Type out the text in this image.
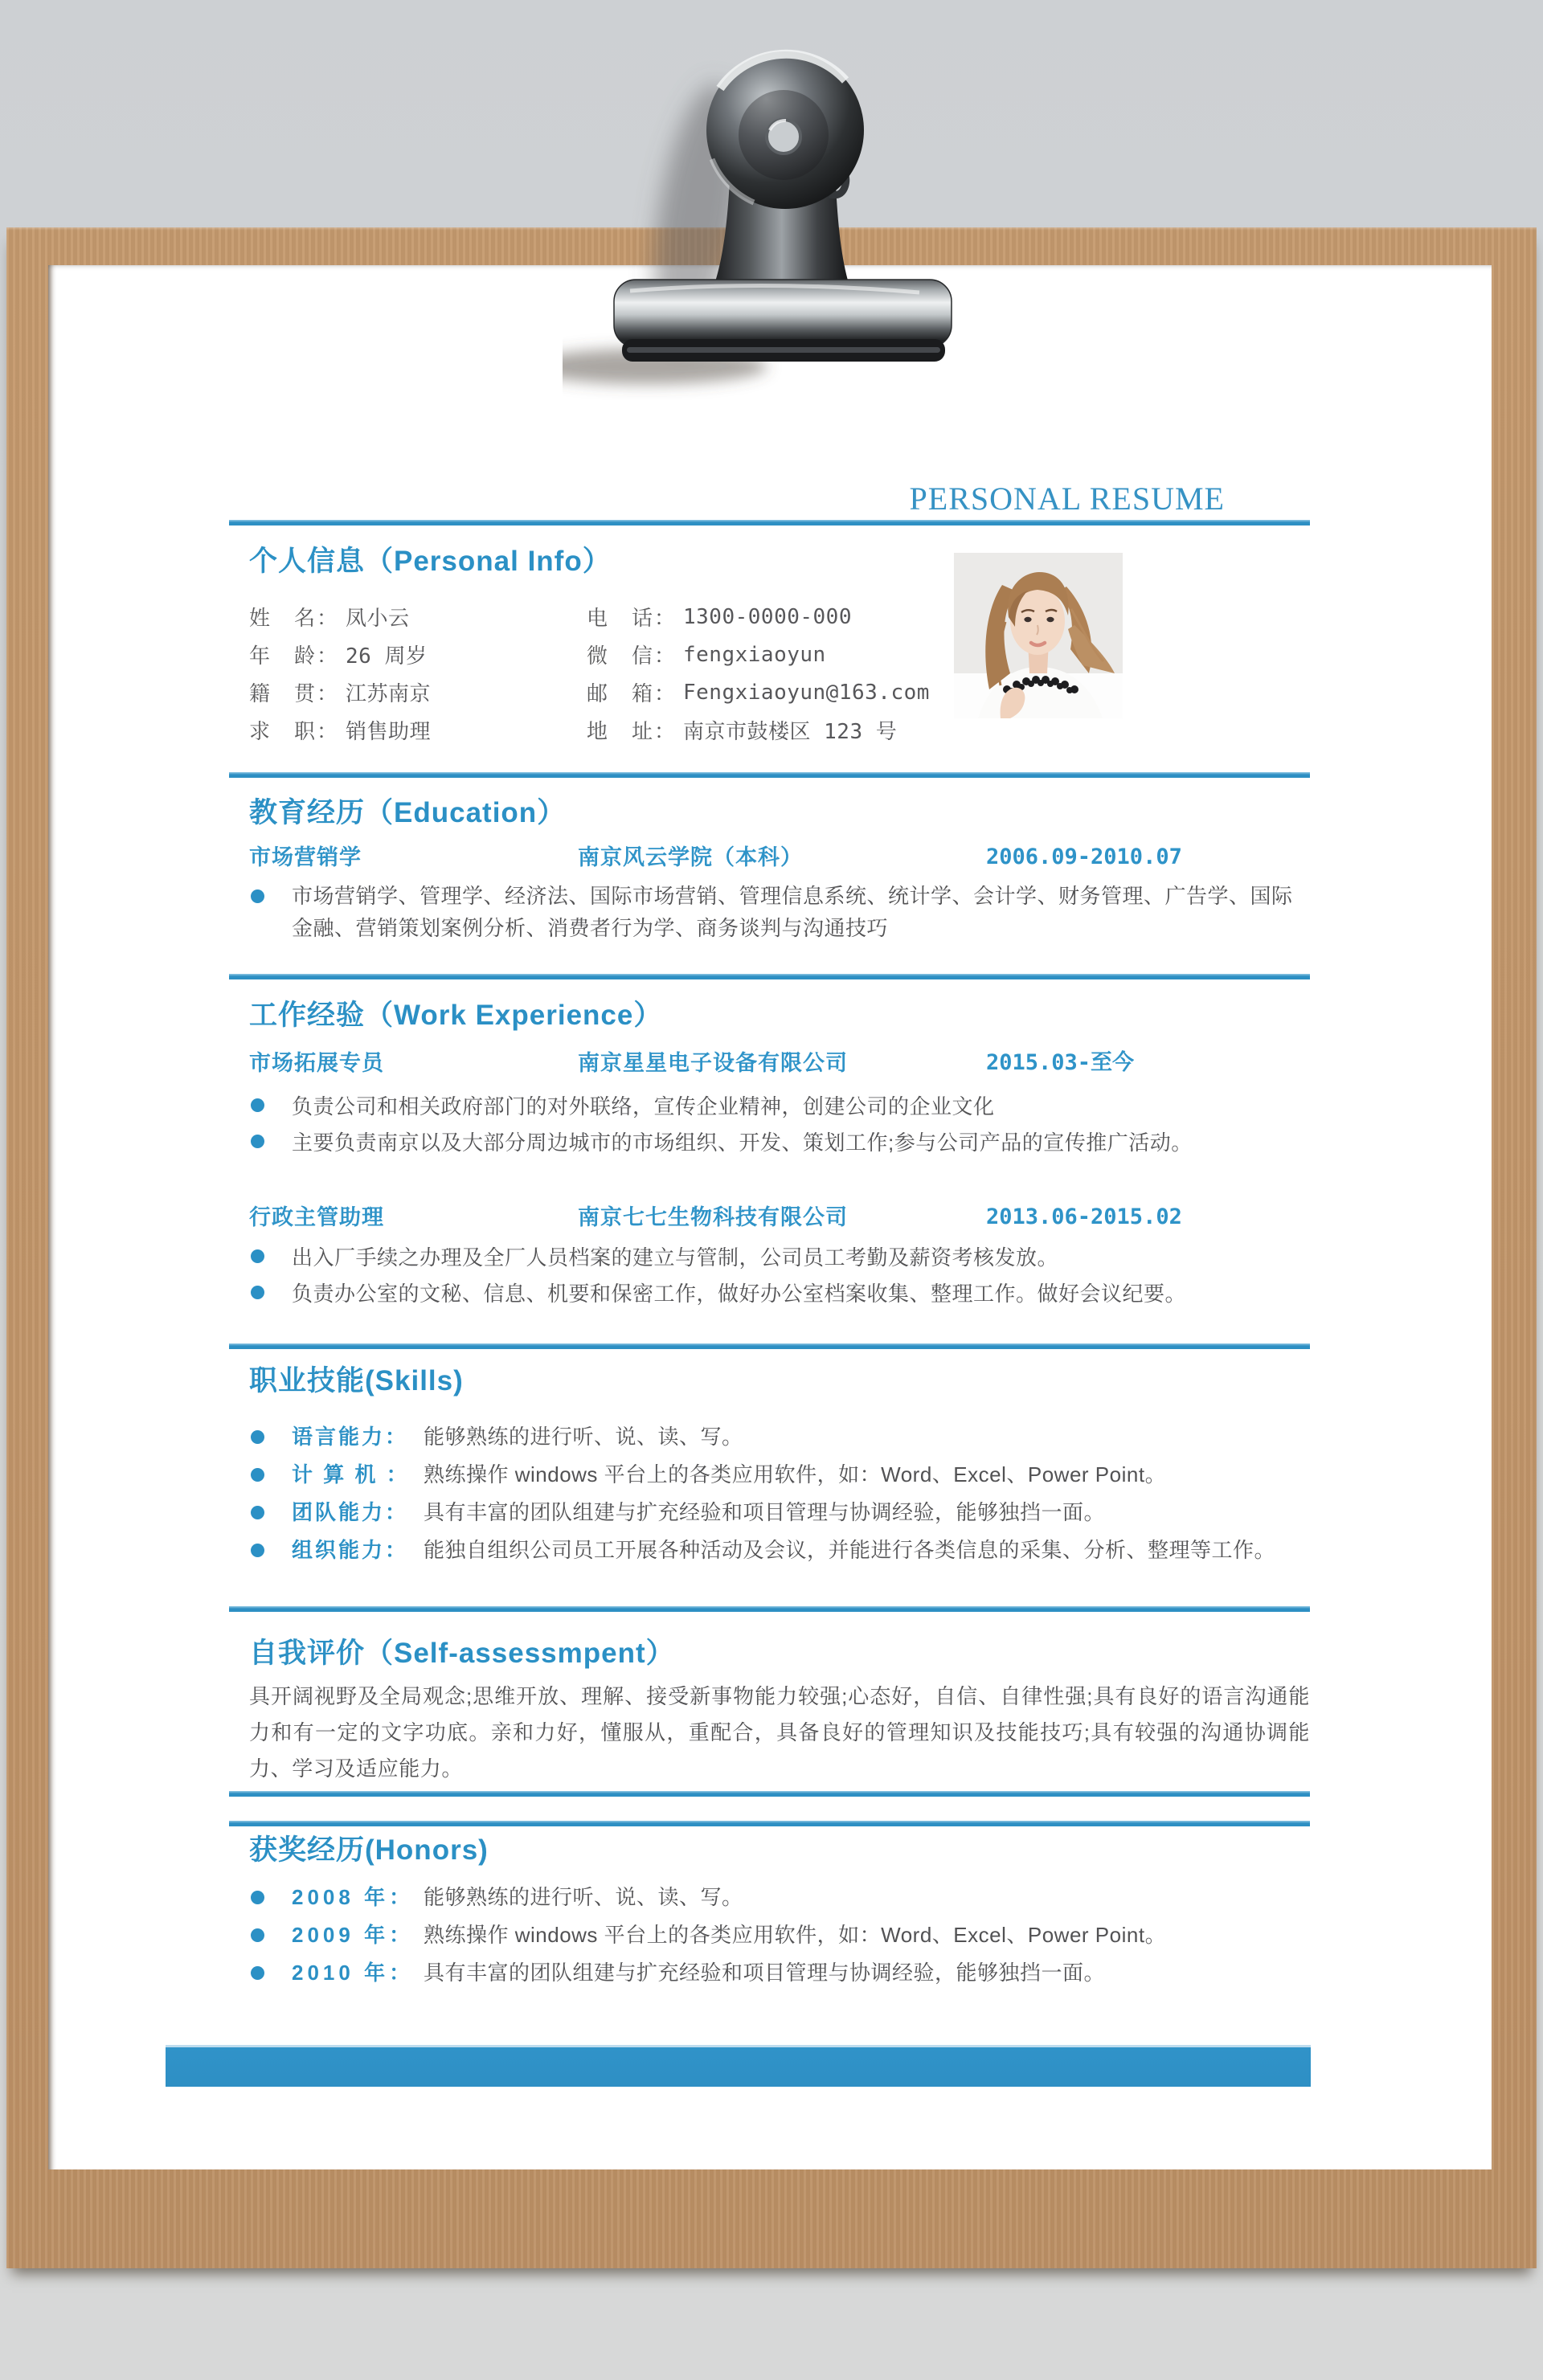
PERSONAL RESUME
个人信息（Personal Info）
姓　名： 凤小云	电　话： 1300-0000-000
年　龄： 26 周岁	微　信： fengxiaoyun
籍　贯： 江苏南京	邮　箱： Fengxiaoyun@163.com
求　职： 销售助理	地　址： 南京市鼓楼区 123 号
教育经历（Education）
市场营销学	南京风云学院（本科）	2006.09-2010.07
市场营销学、管理学、经济法、国际市场营销、管理信息系统、统计学、会计学、财务管理、广告学、国际金融、营销策划案例分析、消费者行为学、商务谈判与沟通技巧
工作经验（Work Experience）
市场拓展专员	南京星星电子设备有限公司	2015.03-至今
负责公司和相关政府部门的对外联络，宣传企业精神，创建公司的企业文化
主要负责南京以及大部分周边城市的市场组织、开发、策划工作;参与公司产品的宣传推广活动。
行政主管助理	南京七七生物科技有限公司	2013.06-2015.02
出入厂手续之办理及全厂人员档案的建立与管制，公司员工考勤及薪资考核发放。
负责办公室的文秘、信息、机要和保密工作，做好办公室档案收集、整理工作。做好会议纪要。
职业技能(Skills)
语言能力： 能够熟练的进行听、说、读、写。
计 算 机 ： 熟练操作 windows 平台上的各类应用软件，如：Word、Excel、Power Point。
团队能力： 具有丰富的团队组建与扩充经验和项目管理与协调经验，能够独挡一面。
组织能力： 能独自组织公司员工开展各种活动及会议，并能进行各类信息的采集、分析、整理等工作。
自我评价（Self-assessmpent）
具开阔视野及全局观念;思维开放、理解、接受新事物能力较强;心态好，自信、自律性强;具有良好的语言沟通能力和有一定的文字功底。亲和力好，懂服从，重配合，具备良好的管理知识及技能技巧;具有较强的沟通协调能力、学习及适应能力。
获奖经历(Honors)
2008 年： 能够熟练的进行听、说、读、写。
2009 年： 熟练操作 windows 平台上的各类应用软件，如：Word、Excel、Power Point。
2010 年： 具有丰富的团队组建与扩充经验和项目管理与协调经验，能够独挡一面。
